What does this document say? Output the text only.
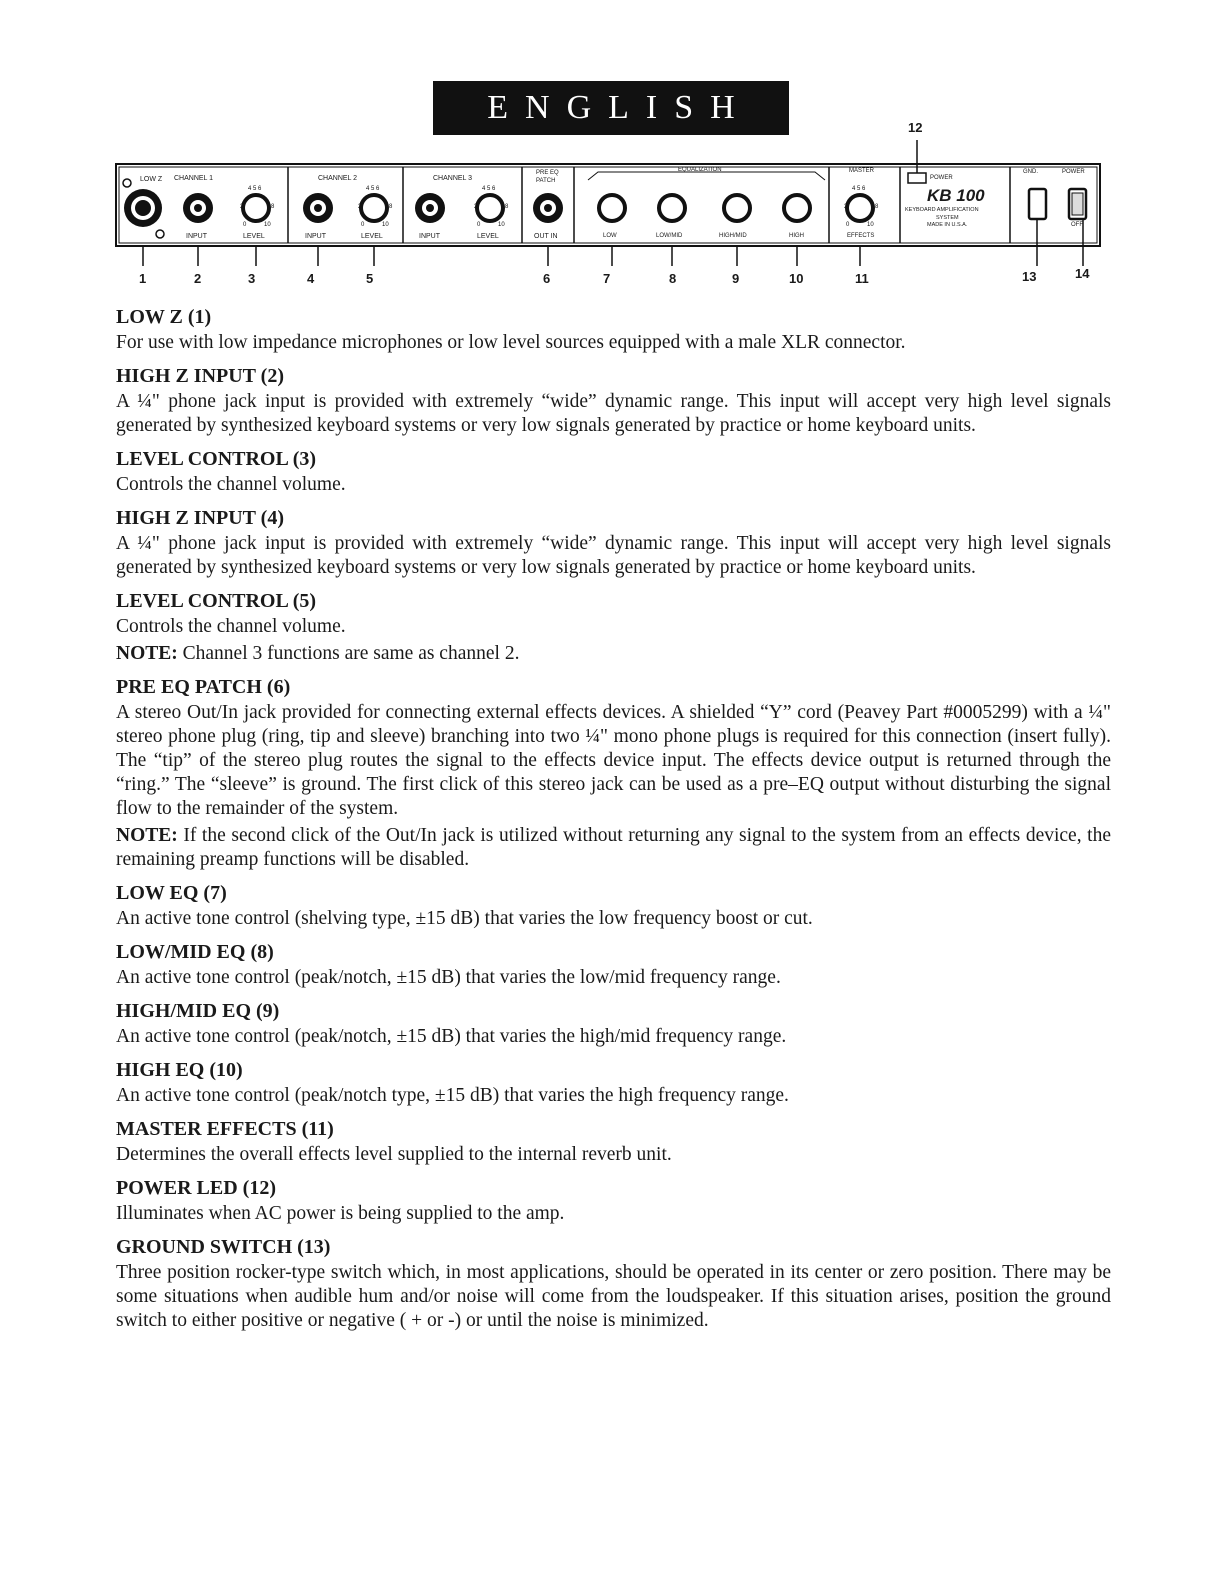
ENGLISH
4 5 6
2	8
0	10
4 5 6
2	8
0	10
4 5 6
2	8
0	10
4 5 6
2	8
0	10
LOW Z CHANNEL 1	CHANNEL 2	CHANNEL 3
INPUT	LEVEL	INPUT	LEVEL	INPUT	LEVEL
PRE EQ
PATCH
OUT IN
EQUALIZATION
LOW	LOW/MID	HIGH/MID	HIGH
MASTER
EFFECTS
POWER
KB 100
KEYBOARD AMPLIFICATION
SYSTEM
MADE IN U.S.A.
GND.	POWER
OFF
1	2	3	4	5	6	7	8	9	10	11
12
13	14
LOW Z (1)
For use with low impedance microphones or low level sources equipped with a male XLR connector.
HIGH Z INPUT (2)
A ¼" phone jack input is provided with extremely “wide” dynamic range. This input will accept very high level signals generated by synthesized keyboard systems or very low signals generated by practice or home keyboard units.
LEVEL CONTROL (3)
Controls the channel volume.
HIGH Z INPUT (4)
A ¼" phone jack input is provided with extremely “wide” dynamic range. This input will accept very high level signals generated by synthesized keyboard systems or very low signals generated by practice or home keyboard units.
LEVEL CONTROL (5)
Controls the channel volume.
NOTE: Channel 3 functions are same as channel 2.
PRE EQ PATCH (6)
A stereo Out/In jack provided for connecting external effects devices. A shielded “Y” cord (Peavey Part #0005299) with a ¼" stereo phone plug (ring, tip and sleeve) branching into two ¼" mono phone plugs is required for this connection (insert fully). The “tip” of the stereo plug routes the signal to the effects device input. The effects device output is returned through the “ring.” The “sleeve” is ground. The first click of this stereo jack can be used as a pre–EQ output without disturbing the signal flow to the remainder of the system.
NOTE: If the second click of the Out/In jack is utilized without returning any signal to the system from an effects device, the remaining preamp functions will be disabled.
LOW EQ (7)
An active tone control (shelving type, ±15 dB) that varies the low frequency boost or cut.
LOW/MID EQ (8)
An active tone control (peak/notch, ±15 dB) that varies the low/mid frequency range.
HIGH/MID EQ (9)
An active tone control (peak/notch, ±15 dB) that varies the high/mid frequency range.
HIGH EQ (10)
An active tone control (peak/notch type, ±15 dB) that varies the high frequency range.
MASTER EFFECTS (11)
Determines the overall effects level supplied to the internal reverb unit.
POWER LED (12)
Illuminates when AC power is being supplied to the amp.
GROUND SWITCH (13)
Three position rocker-type switch which, in most applications, should be operated in its center or zero position. There may be some situations when audible hum and/or noise will come from the loudspeaker. If this situation arises, position the ground switch to either positive or negative ( + or -) or until the noise is minimized.
